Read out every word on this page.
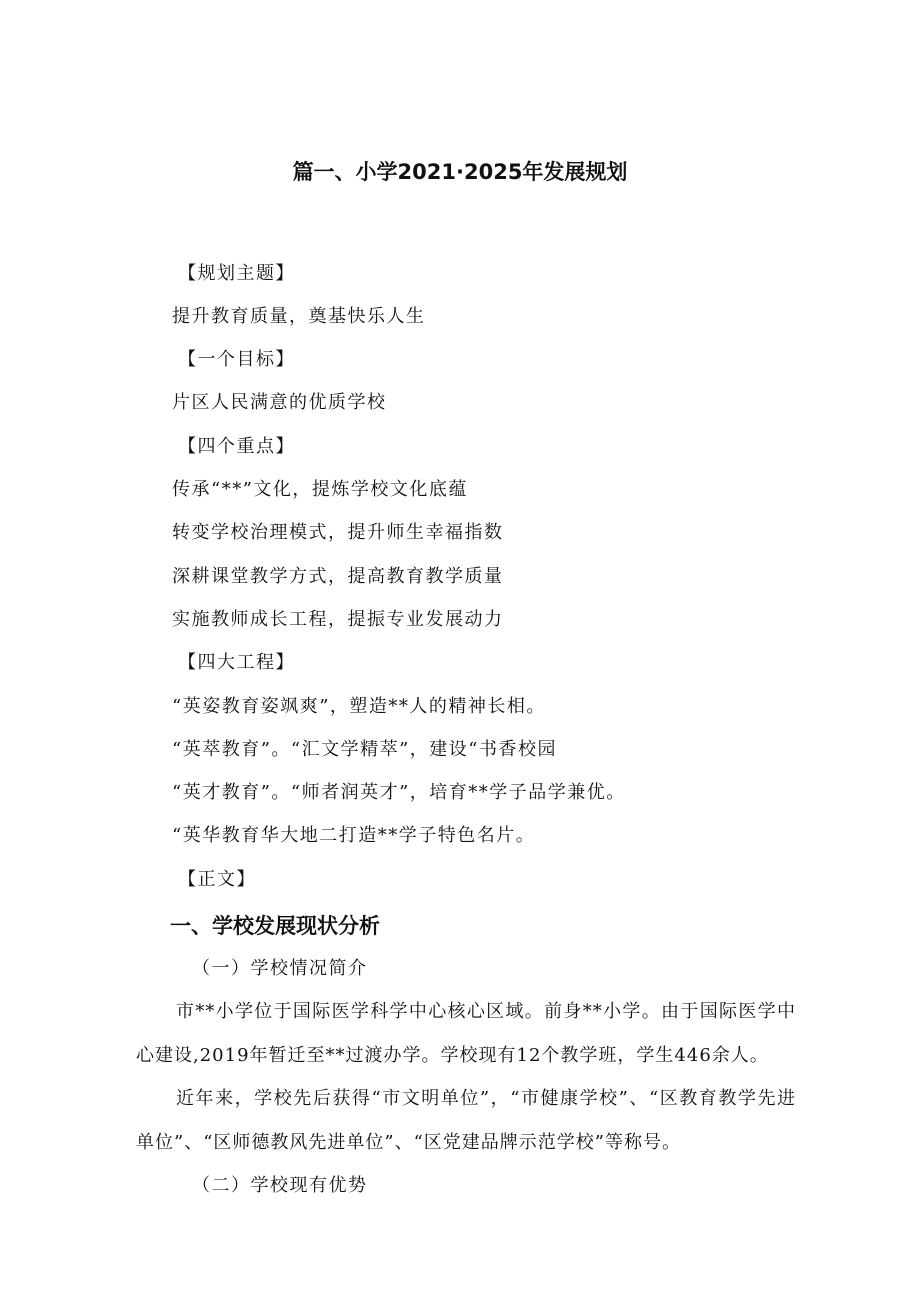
篇一、小学2021·2025年发展规划
【规划主题】
提升教育质量，奠基快乐人生
【一个目标】
片区人民满意的优质学校
【四个重点】
传承“**”文化，提炼学校文化底蕴
转变学校治理模式，提升师生幸福指数
深耕课堂教学方式，提高教育教学质量
实施教师成长工程，提振专业发展动力
【四大工程】
“英姿教育姿飒爽”，塑造**人的精神长相。
“英萃教育”。“汇文学精萃”，建设“书香校园
“英才教育”。“师者润英才”，培育**学子品学兼优。
“英华教育华大地二打造**学子特色名片。
【正文】
一、学校发展现状分析
（一）学校情况简介
市**小学位于国际医学科学中心核心区域。前身**小学。由于国际医学中心建设,2019年暂迁至**过渡办学。学校现有12个教学班，学生446余人。
近年来，学校先后获得“市文明单位”，“市健康学校”、“区教育教学先进单位”、“区师德教风先进单位”、“区党建品牌示范学校”等称号。
（二）学校现有优势
